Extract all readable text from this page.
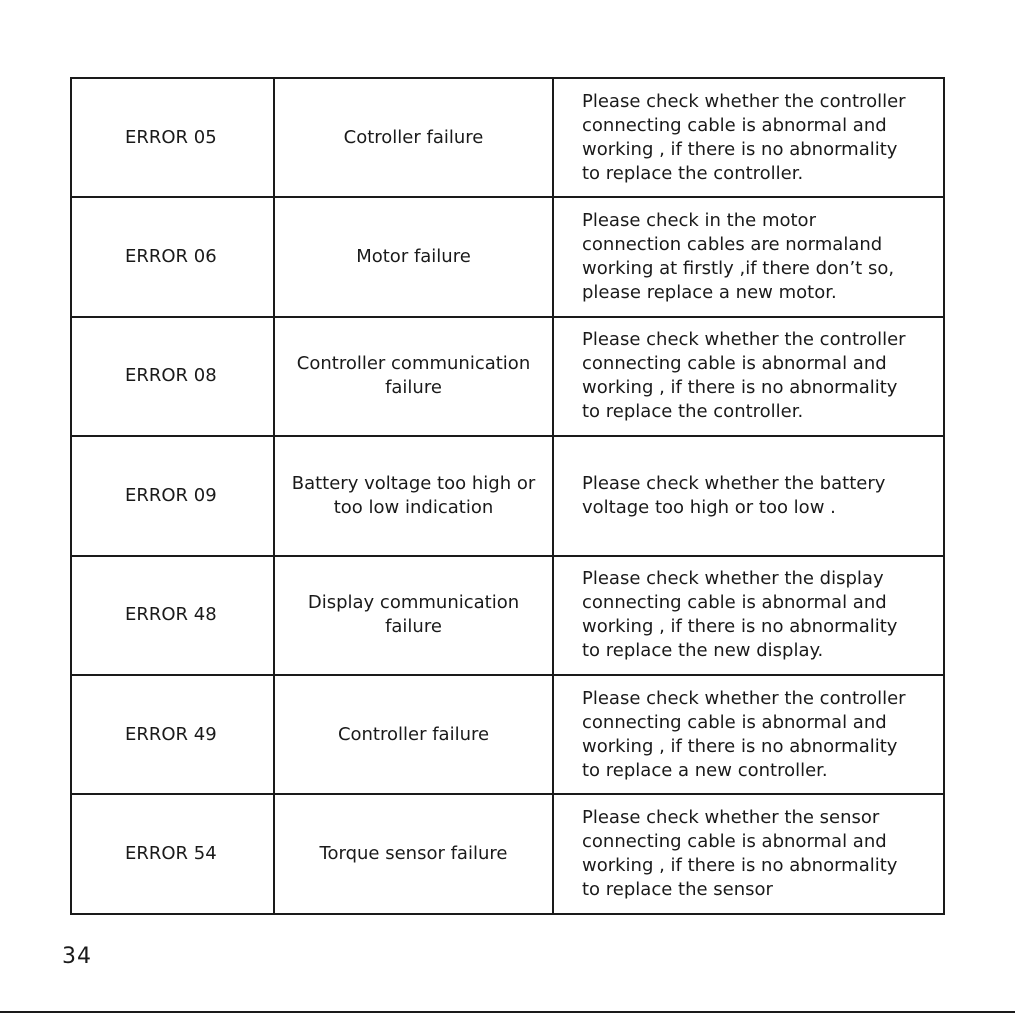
ERROR 05	Cotroller failure	Please check whether the controller
connecting cable is abnormal and
working , if there is no abnormality
to replace the controller.

ERROR 06	Motor failure	Please check in the motor
connection cables are normaland
working at firstly ,if there don’t so,
please replace a new motor.

ERROR 08	Controller communication failure	Please check whether the controller
connecting cable is abnormal and
working , if there is no abnormality
to replace the controller.

ERROR 09	Battery voltage too high or too low indication	Please check whether the battery
voltage too high or too low .

ERROR 48	Display communication failure	Please check whether the display
connecting cable is abnormal and
working , if there is no abnormality
to replace the new display.

ERROR 49	Controller failure	Please check whether the controller
connecting cable is abnormal and
working , if there is no abnormality
to replace a new controller.

ERROR 54	Torque sensor failure	Please check whether the sensor
connecting cable is abnormal and
working , if there is no abnormality
to replace the sensor
34
